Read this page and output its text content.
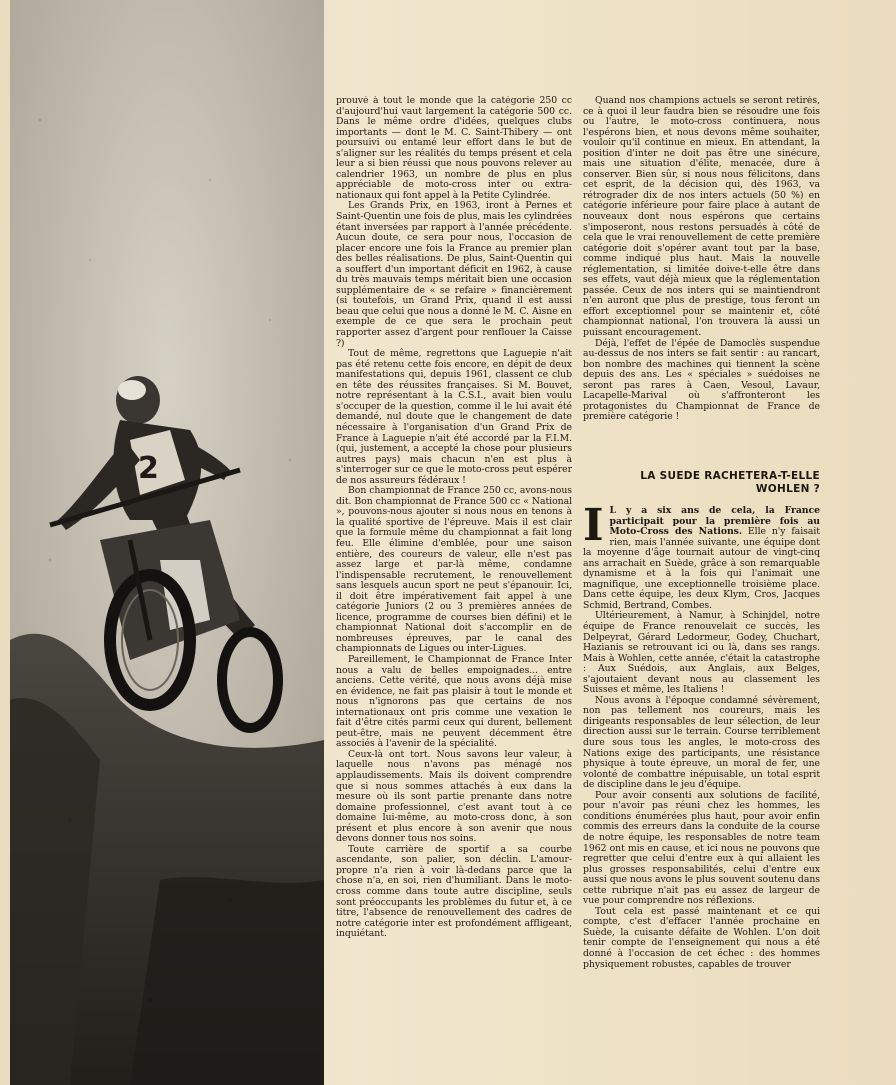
2

prouvé à tout le monde que la catégorie 250 cc d'aujourd'hui vaut largement la catégorie 500 cc. Dans le même ordre d'idées, quelques clubs importants — dont le M. C. Saint-Thibery — ont poursuivi ou entamé leur effort dans le but de s'aligner sur les réalités du temps présent et cela leur a si bien réussi que nous pouvons relever au calendrier 1963, un nombre de plus en plus appréciable de moto-cross inter ou extra-nationaux qui font appel à la Petite Cylindrée.

Les Grands Prix, en 1963, iront à Pernes et Saint-Quentin une fois de plus, mais les cylindrées étant inversées par rapport à l'année précédente. Aucun doute, ce sera pour nous, l'occasion de placer encore une fois la France au premier plan des belles réalisations. De plus, Saint-Quentin qui a souffert d'un important déficit en 1962, à cause du très mauvais temps méritait bien une occasion supplémentaire de « se refaire » financièrement (si toutefois, un Grand Prix, quand il est aussi beau que celui que nous a donné le M. C. Aisne en exemple de ce que sera le prochain peut rapporter assez d'argent pour renflouer la Caisse ?)

Tout de même, regrettons que Laguepie n'ait pas été retenu cette fois encore, en dépit de deux manifestations qui, depuis 1961, classent ce club en tête des réussites françaises. Si M. Bouvet, notre représentant à la C.S.I., avait bien voulu s'occuper de la question, comme il le lui avait été demandé, nul doute que le changement de date nécessaire à l'organisation d'un Grand Prix de France à Laguepie n'ait été accordé par la F.I.M. (qui, justement, a accepté la chose pour plusieurs autres pays) mais chacun n'en est plus à s'interroger sur ce que le moto-cross peut espérer de nos assureurs fédéraux !

Bon championnat de France 250 cc, avons-nous dit. Bon championnat de France 500 cc « National », pouvons-nous ajouter si nous nous en tenons à la qualité sportive de l'épreuve. Mais il est clair que la formule même du championnat a fait long feu. Elle élimine d'emblée, pour une saison entière, des coureurs de valeur, elle n'est pas assez large et par-là même, condamne l'indispensable recrutement, le renouvellement sans lesquels aucun sport ne peut s'épanouir. Ici, il doit être impérativement fait appel à une catégorie Juniors (2 ou 3 premières années de licence, programme de courses bien défini) et le championnat National doit s'accomplir en de nombreuses épreuves, par le canal des championnats de Ligues ou inter-Ligues.

Pareillement, le Championnat de France Inter nous a valu de belles empoignades... entre anciens. Cette vérité, que nous avons déjà mise en évidence, ne fait pas plaisir à tout le monde et nous n'ignorons pas que certains de nos internationaux ont pris comme une vexation le fait d'être cités parmi ceux qui durent, bellement peut-être, mais ne peuvent décemment être associés à l'avenir de la spécialité.

Ceux-là ont tort. Nous savons leur valeur, à laquelle nous n'avons pas ménagé nos applaudissements. Mais ils doivent comprendre que si nous sommes attachés à eux dans la mesure où ils sont partie prenante dans notre domaine professionnel, c'est avant tout à ce domaine lui-même, au moto-cross donc, à son présent et plus encore à son avenir que nous devons donner tous nos soins.

Toute carrière de sportif a sa courbe ascendante, son palier, son déclin. L'amour-propre n'a rien à voir là-dedans parce que la chose n'a, en soi, rien d'humiliant. Dans le moto-cross comme dans toute autre discipline, seuls sont préoccupants les problèmes du futur et, à ce titre, l'absence de renouvellement des cadres de notre catégorie inter est profondément affligeant, inquiétant.

Quand nos champions actuels se seront retirés, ce à quoi il leur faudra bien se résoudre une fois ou l'autre, le moto-cross continuera, nous l'espérons bien, et nous devons même souhaiter, vouloir qu'il continue en mieux. En attendant, la position d'inter ne doit pas être une sinécure, mais une situation d'élite, menacée, dure à conserver. Bien sûr, si nous nous félicitons, dans cet esprit, de la décision qui, dès 1963, va rétrograder dix de nos inters actuels (50 %) en catégorie inférieure pour faire place à autant de nouveaux dont nous espérons que certains s'imposeront, nous restons persuadés à côté de cela que le vrai renouvellement de cette première catégorie doit s'opérer avant tout par la base, comme indiqué plus haut. Mais la nouvelle réglementation, si limitée doive-t-elle être dans ses effets, vaut déjà mieux que la réglementation passée. Ceux de nos inters qui se maintiendront n'en auront que plus de prestige, tous feront un effort exceptionnel pour se maintenir et, côté championnat national, l'on trouvera là aussi un puissant encouragement.

Déjà, l'effet de l'épée de Damoclès suspendue au-dessus de nos inters se fait sentir : au rancart, bon nombre des machines qui tiennent la scène depuis des ans. Les « spéciales » suédoises ne seront pas rares à Caen, Vesoul, Lavaur, Lacapelle-Marival où s'affronteront les protagonistes du Championnat de France de première catégorie !

LA SUEDE RACHETERA-T-ELLE
WOHLEN ?

I L y a six ans de cela, la France participait pour la première fois au Moto-Cross des Nations. Elle n'y faisait rien, mais l'année suivante, une équipe dont la moyenne d'âge tournait autour de vingt-cinq ans arrachait en Suède, grâce à son remarquable dynamisme et à la fois qui l'animait une magnifique, une exceptionnelle troisième place. Dans cette équipe, les deux Klym, Cros, Jacques Schmid, Bertrand, Combes.

Ultérieurement, à Namur, à Schinjdel, notre équipe de France renouvelait ce succès, les Delpeyrat, Gérard Ledormeur, Godey, Chuchart, Hazianis se retrouvant ici ou là, dans ses rangs. Mais à Wohlen, cette année, c'était la catastrophe : Aux Suédois, aux Anglais, aux Belges, s'ajoutaient devant nous au classement les Suisses et même, les Italiens !

Nous avons à l'époque condamné sévèrement, non pas tellement nos coureurs, mais les dirigeants responsables de leur sélection, de leur direction aussi sur le terrain. Course terriblement dure sous tous les angles, le moto-cross des Nations exige des participants, une résistance physique à toute épreuve, un moral de fer, une volonté de combattre inépuisable, un total esprit de discipline dans le jeu d'équipe.

Pour avoir consenti aux solutions de facilité, pour n'avoir pas réuni chez les hommes, les conditions énumérées plus haut, pour avoir enfin commis des erreurs dans la conduite de la course de notre équipe, les responsables de notre team 1962 ont mis en cause, et ici nous ne pouvons que regretter que celui d'entre eux à qui allaient les plus grosses responsabilités, celui d'entre eux aussi que nous avons le plus souvent soutenu dans cette rubrique n'ait pas eu assez de largeur de vue pour comprendre nos réflexions.

Tout cela est passé maintenant et ce qui compte, c'est d'effacer l'année prochaine en Suède, la cuisante défaite de Wohlen. L'on doit tenir compte de l'enseignement qui nous a été donné à l'occasion de cet échec : des hommes physiquement robustes, capables de trouver
